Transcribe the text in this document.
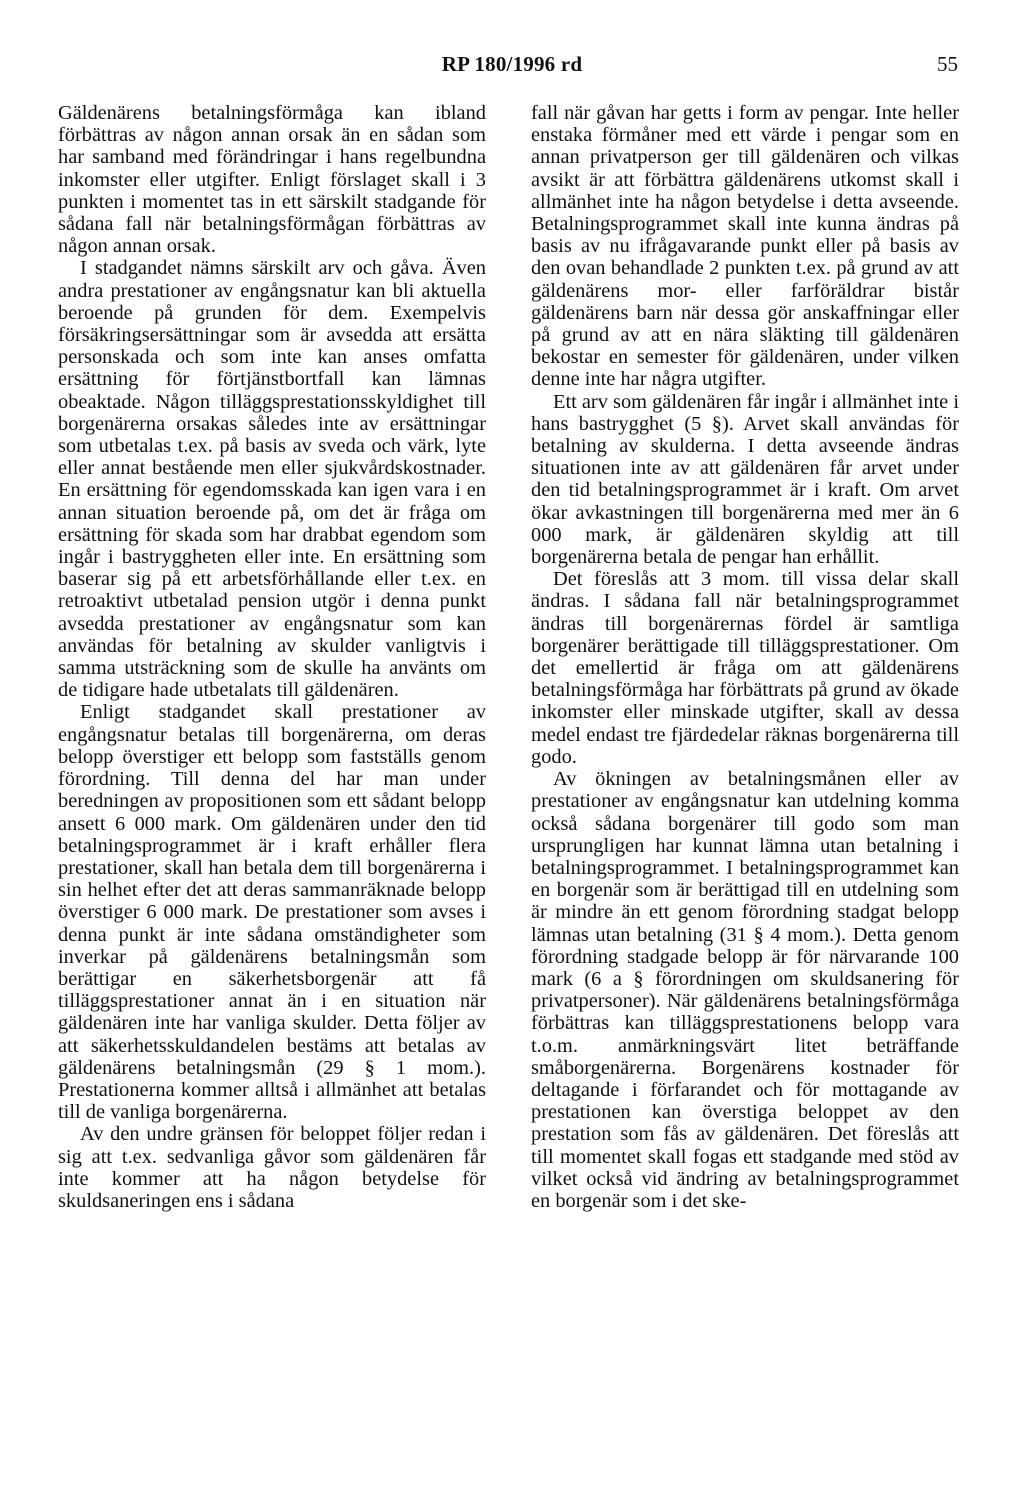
RP 180/1996 rd	55

Gäldenärens betalningsförmåga kan ibland förbättras av någon annan orsak än en sådan som har samband med förändringar i hans regelbundna inkomster eller utgifter. Enligt förslaget skall i 3 punkten i momentet tas in ett särskilt stadgande för sådana fall när betalningsförmågan förbättras av någon annan orsak.

I stadgandet nämns särskilt arv och gåva. Även andra prestationer av engångsnatur kan bli aktuella beroende på grunden för dem. Exempelvis försäkringsersättningar som är avsedda att ersätta personskada och som inte kan anses omfatta ersättning för förtjänstbortfall kan lämnas obeaktade. Någon tilläggsprestationsskyldighet till borgenärerna orsakas således inte av ersättningar som utbetalas t.ex. på basis av sveda och värk, lyte eller annat bestående men eller sjukvårdskostnader. En ersättning för egendomsskada kan igen vara i en annan situation beroende på, om det är fråga om ersättning för skada som har drabbat egendom som ingår i bastryggheten eller inte. En ersättning som baserar sig på ett arbetsförhållande eller t.ex. en retroaktivt utbetalad pension utgör i denna punkt avsedda prestationer av engångsnatur som kan användas för betalning av skulder vanligtvis i samma utsträckning som de skulle ha använts om de tidigare hade utbetalats till gäldenären.

Enligt stadgandet skall prestationer av engångsnatur betalas till borgenärerna, om deras belopp överstiger ett belopp som fastställs genom förordning. Till denna del har man under beredningen av propositionen som ett sådant belopp ansett 6 000 mark. Om gäldenären under den tid betalningsprogrammet är i kraft erhåller flera prestationer, skall han betala dem till borgenärerna i sin helhet efter det att deras sammanräknade belopp överstiger 6 000 mark. De prestationer som avses i denna punkt är inte sådana omständigheter som inverkar på gäldenärens betalningsmån som berättigar en säkerhetsborgenär att få tilläggsprestationer annat än i en situation när gäldenären inte har vanliga skulder. Detta följer av att säkerhetsskuldandelen bestäms att betalas av gäldenärens betalningsmån (29 § 1 mom.). Prestationerna kommer alltså i allmänhet att betalas till de vanliga borgenärerna.

Av den undre gränsen för beloppet följer redan i sig att t.ex. sedvanliga gåvor som gäldenären får inte kommer att ha någon betydelse för skuldsaneringen ens i sådana

fall när gåvan har getts i form av pengar. Inte heller enstaka förmåner med ett värde i pengar som en annan privatperson ger till gäldenären och vilkas avsikt är att förbättra gäldenärens utkomst skall i allmänhet inte ha någon betydelse i detta avseende. Betalningsprogrammet skall inte kunna ändras på basis av nu ifrågavarande punkt eller på basis av den ovan behandlade 2 punkten t.ex. på grund av att gäldenärens mor- eller farföräldrar bistår gäldenärens barn när dessa gör anskaffningar eller på grund av att en nära släkting till gäldenären bekostar en semester för gäldenären, under vilken denne inte har några utgifter.

Ett arv som gäldenären får ingår i allmänhet inte i hans bastrygghet (5 §). Arvet skall användas för betalning av skulderna. I detta avseende ändras situationen inte av att gäldenären får arvet under den tid betalningsprogrammet är i kraft. Om arvet ökar avkastningen till borgenärerna med mer än 6 000 mark, är gäldenären skyldig att till borgenärerna betala de pengar han erhållit.

Det föreslås att 3 mom. till vissa delar skall ändras. I sådana fall när betalningsprogrammet ändras till borgenärernas fördel är samtliga borgenärer berättigade till tilläggsprestationer. Om det emellertid är fråga om att gäldenärens betalningsförmåga har förbättrats på grund av ökade inkomster eller minskade utgifter, skall av dessa medel endast tre fjärdedelar räknas borgenärerna till godo.

Av ökningen av betalningsmånen eller av prestationer av engångsnatur kan utdelning komma också sådana borgenärer till godo som man ursprungligen har kunnat lämna utan betalning i betalningsprogrammet. I betalningsprogrammet kan en borgenär som är berättigad till en utdelning som är mindre än ett genom förordning stadgat belopp lämnas utan betalning (31 § 4 mom.). Detta genom förordning stadgade belopp är för närvarande 100 mark (6 a § förordningen om skuldsanering för privatpersoner). När gäldenärens betalningsförmåga förbättras kan tilläggsprestationens belopp vara t.o.m. anmärkningsvärt litet beträffande småborgenärerna. Borgenärens kostnader för deltagande i förfarandet och för mottagande av prestationen kan överstiga beloppet av den prestation som fås av gäldenären. Det föreslås att till momentet skall fogas ett stadgande med stöd av vilket också vid ändring av betalningsprogrammet en borgenär som i det ske-
